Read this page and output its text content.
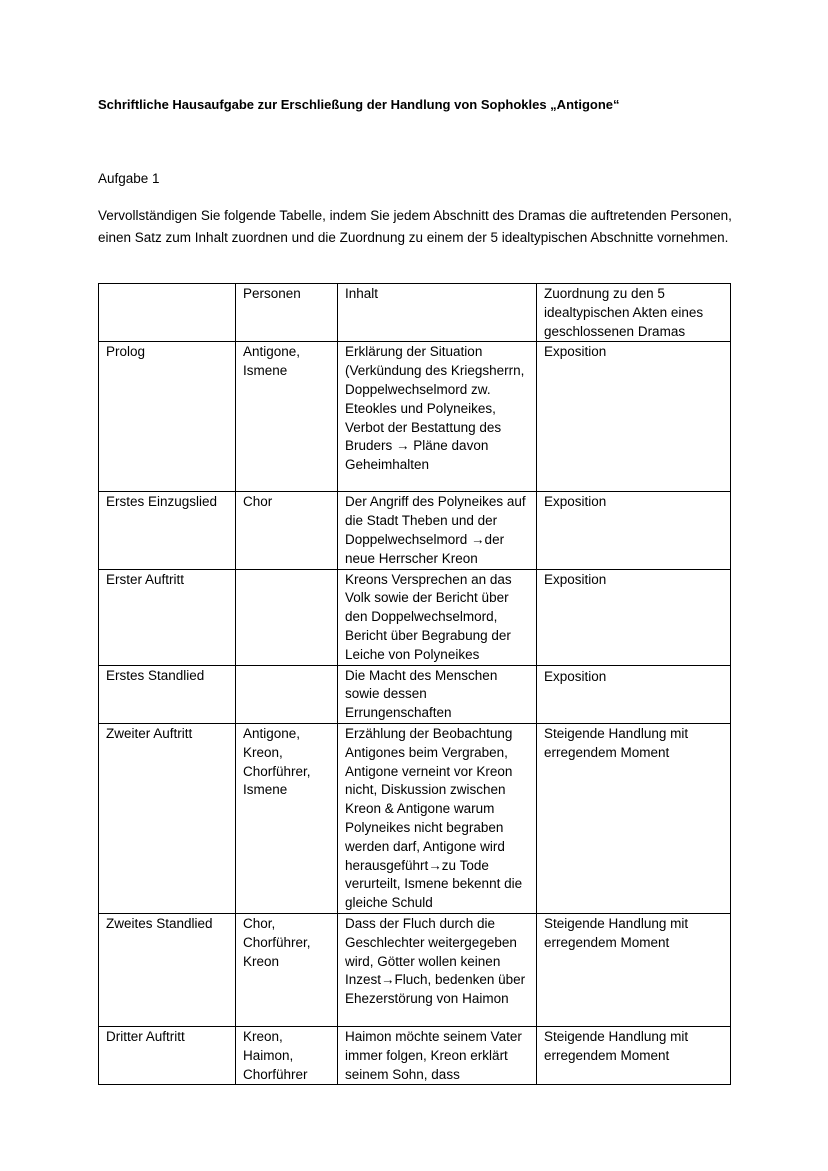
Schriftliche Hausaufgabe zur Erschließung der Handlung von Sophokles „Antigone“
Aufgabe 1
Vervollständigen Sie folgende Tabelle, indem Sie jedem Abschnitt des Dramas die auftretenden Personen, einen Satz zum Inhalt zuordnen und die Zuordnung zu einem der 5 idealtypischen Abschnitte vornehmen.
	Personen	Inhalt	Zuordnung zu den 5 idealtypischen Akten eines geschlossenen Dramas
Prolog	Antigone, Ismene	Erklärung der Situation (Verkündung des Kriegsherrn, Doppelwechselmord zw. Eteokles und Polyneikes, Verbot der Bestattung des Bruders → Pläne davon Geheimhalten	Exposition
Erstes Einzugslied	Chor	Der Angriff des Polyneikes auf die Stadt Theben und der Doppelwechselmord →der neue Herrscher Kreon	Exposition
Erster Auftritt		Kreons Versprechen an das Volk sowie der Bericht über den Doppelwechselmord, Bericht über Begrabung der Leiche von Polyneikes	Exposition
Erstes Standlied		Die Macht des Menschen sowie dessen Errungenschaften	Exposition
Zweiter Auftritt	Antigone, Kreon, Chorführer, Ismene	Erzählung der Beobachtung Antigones beim Vergraben, Antigone verneint vor Kreon nicht, Diskussion zwischen Kreon & Antigone warum Polyneikes nicht begraben werden darf, Antigone wird herausgeführt→zu Tode verurteilt, Ismene bekennt die gleiche Schuld	Steigende Handlung mit erregendem Moment
Zweites Standlied	Chor, Chorführer, Kreon	Dass der Fluch durch die Geschlechter weitergegeben wird, Götter wollen keinen Inzest→Fluch, bedenken über Ehezerstörung von Haimon	Steigende Handlung mit erregendem Moment
Dritter Auftritt	Kreon, Haimon, Chorführer	Haimon möchte seinem Vater immer folgen, Kreon erklärt seinem Sohn, dass	Steigende Handlung mit erregendem Moment
